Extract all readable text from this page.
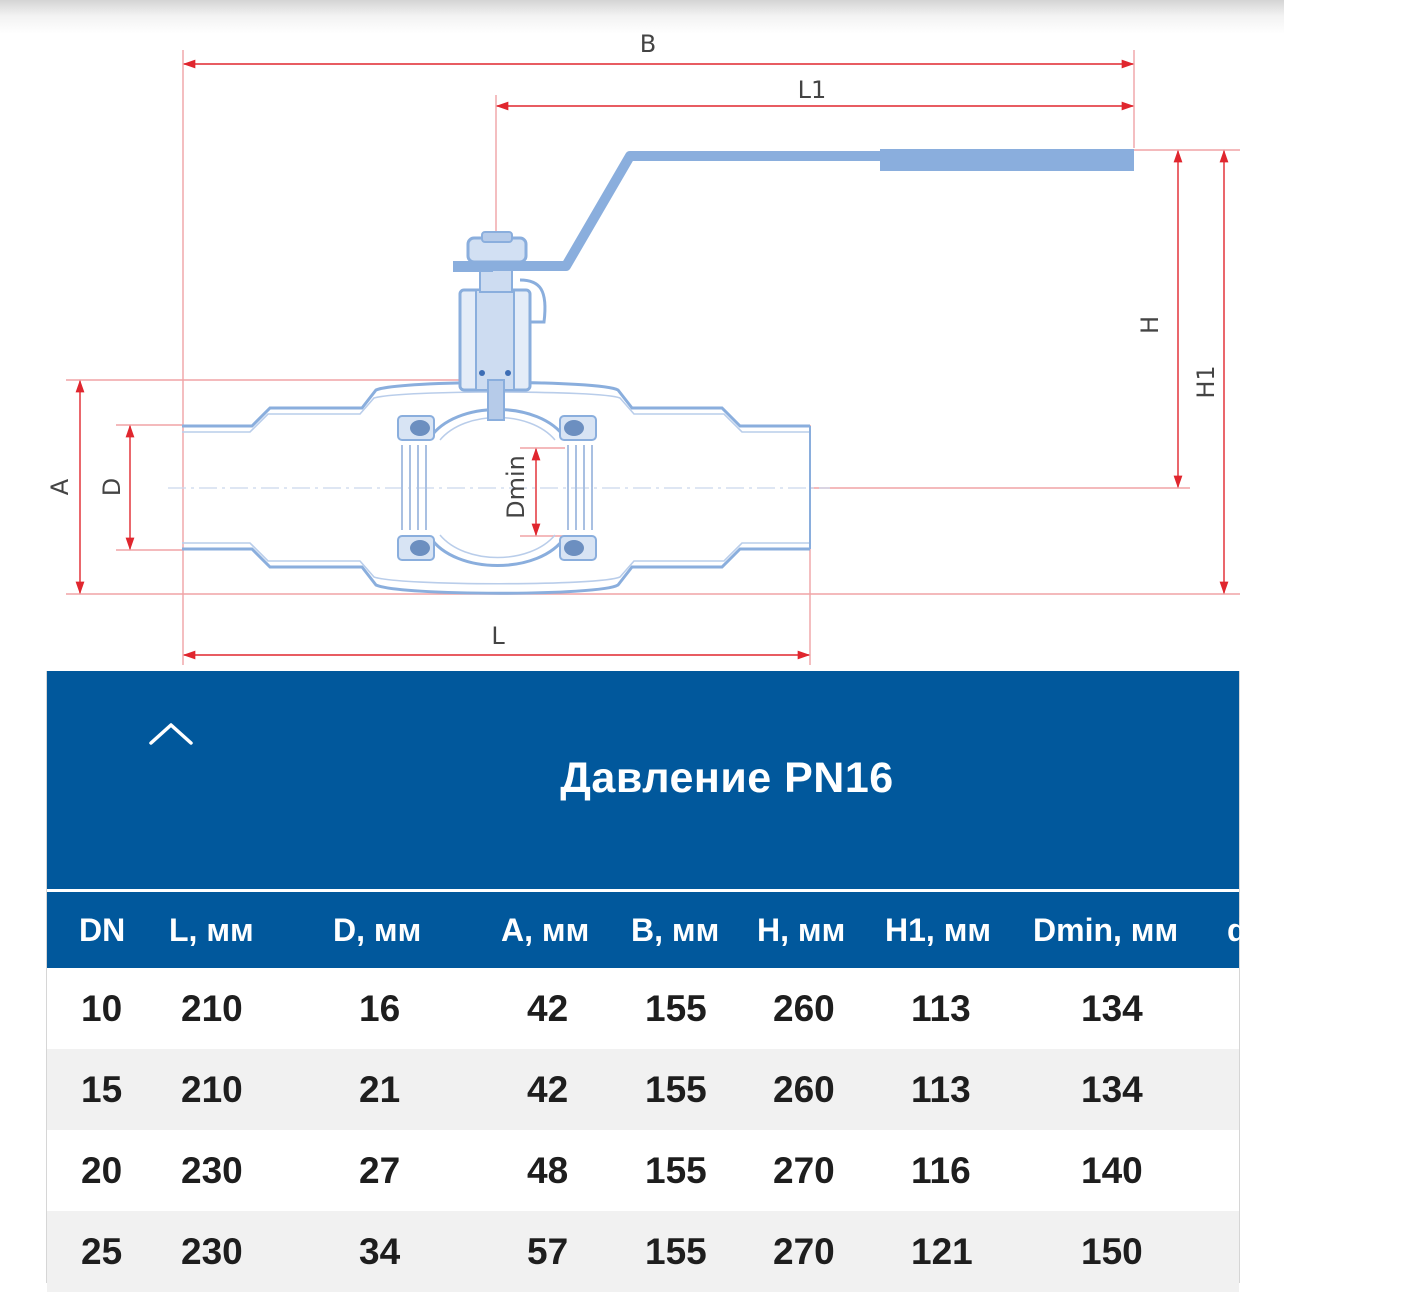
B
L1
H
H1
A D	Dmin
L
Давление PN16
DN L, мм D, мм А, мм B, мм H, мм H1, мм Dmin, мм d
10 210	16	42 155 260 113	134
15 210	21	42 155 260 113	134
20 230	27	48 155 270 116	140
25 230	34	57 155 270 121	150
